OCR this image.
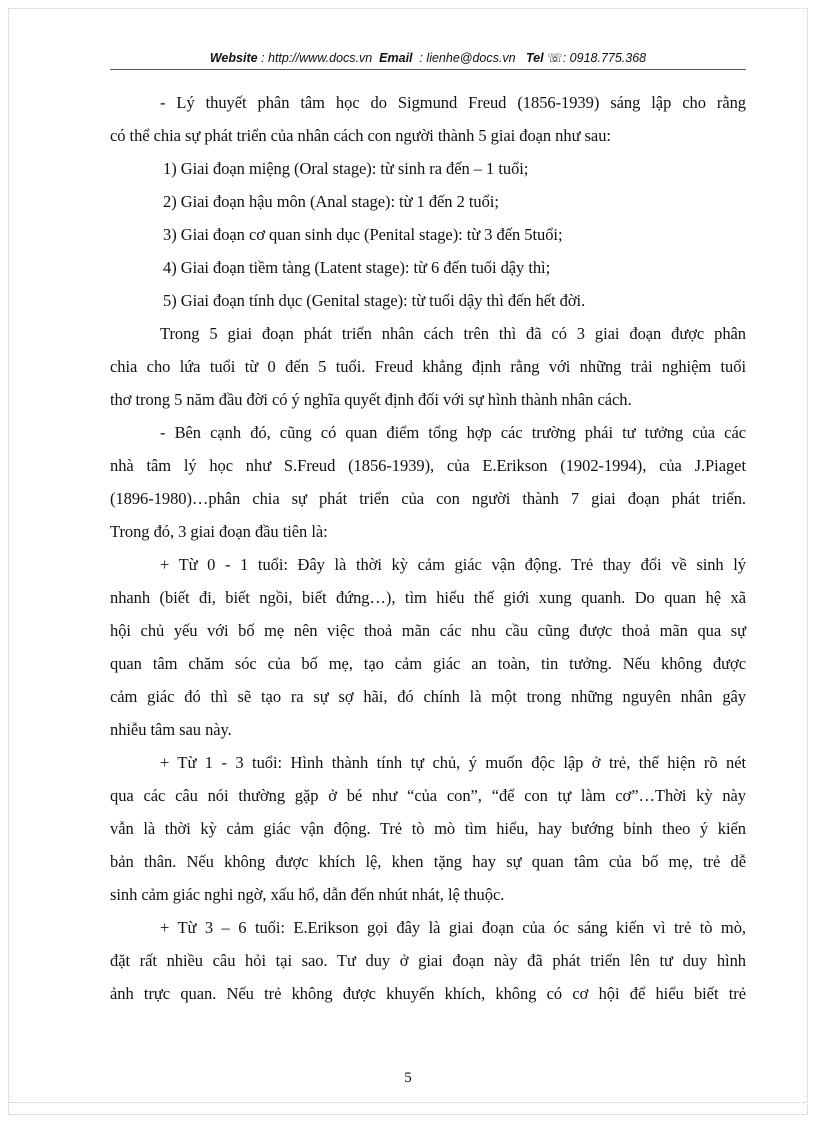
Website : http://www.docs.vn Email : lienhe@docs.vn Tel ☏: 0918.775.368
- Lý thuyết phân tâm học do Sigmund Freud (1856-1939) sáng lập cho rằng
có thể chia sự phát triển của nhân cách con người thành 5 giai đoạn như sau:
1) Giai đoạn miệng (Oral stage): từ sinh ra đến – 1 tuổi;
2) Giai đoạn hậu môn (Anal stage): từ 1 đến 2 tuổi;
3) Giai đoạn cơ quan sinh dục (Penital stage): từ 3 đến 5tuổi;
4) Giai đoạn tiềm tàng (Latent stage): từ 6 đến tuổi dậy thì;
5) Giai đoạn tính dục (Genital stage): từ tuổi dậy thì đến hết đời.
Trong 5 giai đoạn phát triển nhân cách trên thì đã có 3 giai đoạn được phân
chia cho lứa tuổi từ 0 đến 5 tuổi. Freud khẳng định rằng với những trải nghiệm tuổi
thơ trong 5 năm đầu đời có ý nghĩa quyết định đối với sự hình thành nhân cách.
- Bên cạnh đó, cũng có quan điểm tổng hợp các trường phái tư tưởng của các
nhà tâm lý học như S.Freud (1856-1939), của E.Erikson (1902-1994), của J.Piaget
(1896-1980)…phân chia sự phát triển của con người thành 7 giai đoạn phát triển.
Trong đó, 3 giai đoạn đầu tiên là:
+ Từ 0 - 1 tuổi: Đây là thời kỳ cảm giác vận động. Trẻ thay đổi về sinh lý
nhanh (biết đi, biết ngồi, biết đứng…), tìm hiểu thế giới xung quanh. Do quan hệ xã
hội chủ yếu với bố mẹ nên việc thoả mãn các nhu cầu cũng được thoả mãn qua sự
quan tâm chăm sóc của bố mẹ, tạo cảm giác an toàn, tin tưởng. Nếu không được
cảm giác đó thì sẽ tạo ra sự sợ hãi, đó chính là một trong những nguyên nhân gây
nhiễu tâm sau này.
+ Từ 1 - 3 tuổi: Hình thành tính tự chủ, ý muốn độc lập ở trẻ, thể hiện rõ nét
qua các câu nói thường gặp ở bé như “của con”, “để con tự làm cơ”…Thời kỳ này
vẫn là thời kỳ cảm giác vận động. Trẻ tò mò tìm hiểu, hay bướng bỉnh theo ý kiến
bản thân. Nếu không được khích lệ, khen tặng hay sự quan tâm của bố mẹ, trẻ dễ
sinh cảm giác nghi ngờ, xấu hổ, dẫn đến nhút nhát, lệ thuộc.
+ Từ 3 – 6 tuổi: E.Erikson gọi đây là giai đoạn của óc sáng kiến vì trẻ tò mò,
đặt rất nhiều câu hỏi tại sao. Tư duy ở giai đoạn này đã phát triển lên tư duy hình
ảnh trực quan. Nếu trẻ không được khuyến khích, không có cơ hội để hiểu biết trẻ
5
